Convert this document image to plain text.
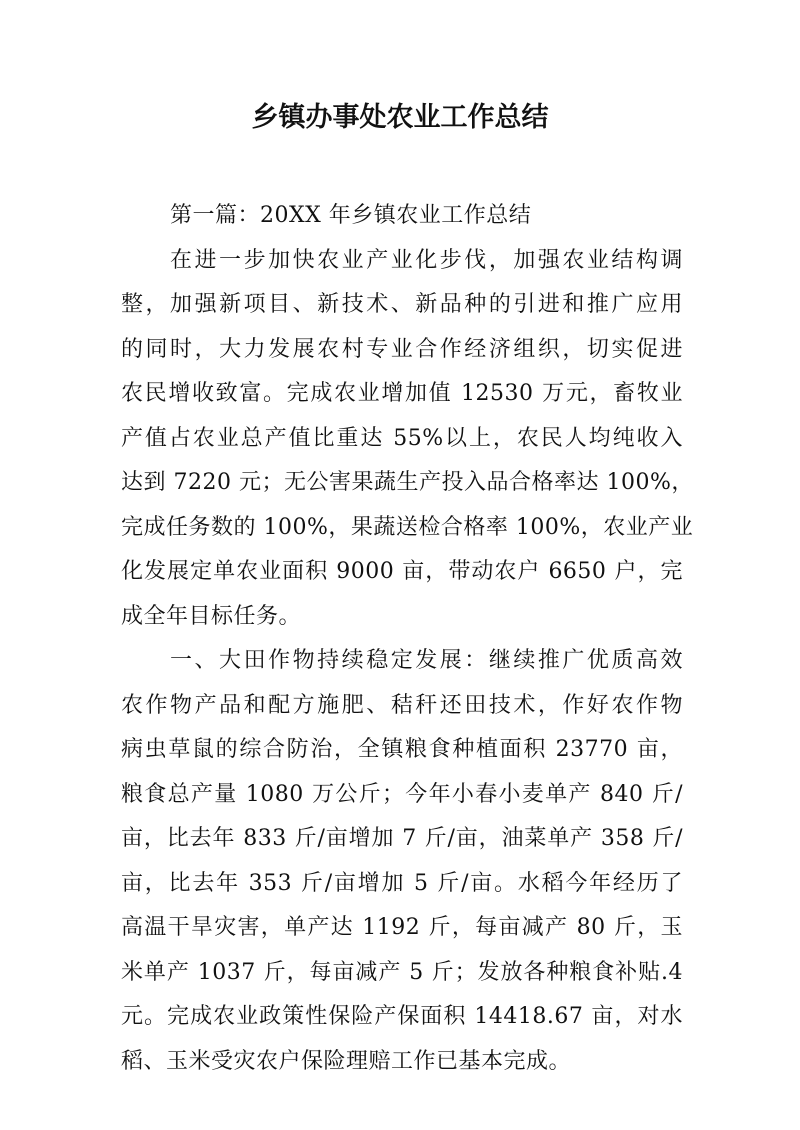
乡镇办事处农业工作总结
第一篇：20XX 年乡镇农业工作总结
在进一步加快农业产业化步伐，加强农业结构调
整，加强新项目、新技术、新品种的引进和推广应用
的同时，大力发展农村专业合作经济组织，切实促进
农民增收致富。完成农业增加值 12530 万元，畜牧业
产值占农业总产值比重达 55%以上，农民人均纯收入
达到 7220 元；无公害果蔬生产投入品合格率达 100%，
完成任务数的 100%，果蔬送检合格率 100%，农业产业
化发展定单农业面积 9000 亩，带动农户 6650 户，完
成全年目标任务。
一、大田作物持续稳定发展：继续推广优质高效
农作物产品和配方施肥、秸秆还田技术，作好农作物
病虫草鼠的综合防治，全镇粮食种植面积 23770 亩，
粮食总产量 1080 万公斤；今年小春小麦单产 840 斤/
亩，比去年 833 斤/亩增加 7 斤/亩，油菜单产 358 斤/
亩，比去年 353 斤/亩增加 5 斤/亩。水稻今年经历了
高温干旱灾害，单产达 1192 斤，每亩减产 80 斤，玉
米单产 1037 斤，每亩减产 5 斤；发放各种粮食补贴.4
元。完成农业政策性保险产保面积 14418.67 亩，对水
稻、玉米受灾农户保险理赔工作已基本完成。
